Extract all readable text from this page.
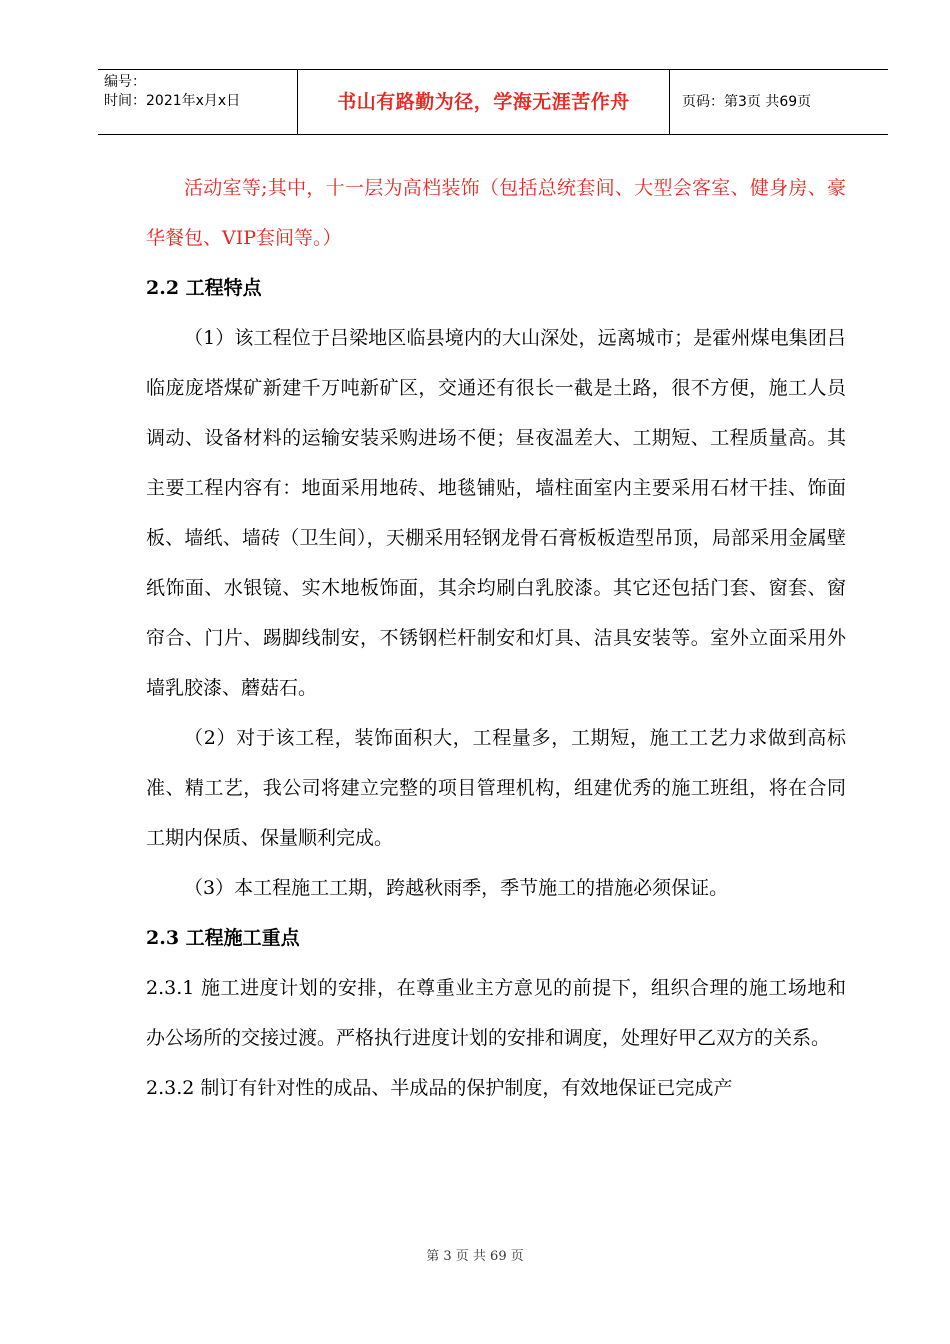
编号：
时间：2021年x月x日	书山有路勤为径，学海无涯苦作舟	页码：第3页 共69页

活动室等;其中，十一层为高档装饰（包括总统套间、大型会客室、健身房、豪华餐包、VIP套间等。）

2.2 工程特点

（1）该工程位于吕梁地区临县境内的大山深处，远离城市；是霍州煤电集团吕临庞庞塔煤矿新建千万吨新矿区，交通还有很长一截是土路，很不方便，施工人员调动、设备材料的运输安装采购进场不便；昼夜温差大、工期短、工程质量高。其主要工程内容有：地面采用地砖、地毯铺贴，墙柱面室内主要采用石材干挂、饰面板、墙纸、墙砖（卫生间），天棚采用轻钢龙骨石膏板板造型吊顶，局部采用金属壁纸饰面、水银镜、实木地板饰面，其余均刷白乳胶漆。其它还包括门套、窗套、窗帘合、门片、踢脚线制安，不锈钢栏杆制安和灯具、洁具安装等。室外立面采用外墙乳胶漆、蘑菇石。

（2）对于该工程，装饰面积大，工程量多，工期短，施工工艺力求做到高标准、精工艺，我公司将建立完整的项目管理机构，组建优秀的施工班组，将在合同工期内保质、保量顺利完成。

（3）本工程施工工期，跨越秋雨季，季节施工的措施必须保证。

2.3 工程施工重点

2.3.1 施工进度计划的安排，在尊重业主方意见的前提下，组织合理的施工场地和办公场所的交接过渡。严格执行进度计划的安排和调度，处理好甲乙双方的关系。

2.3.2 制订有针对性的成品、半成品的保护制度，有效地保证已完成产

第 3 页 共 69 页
